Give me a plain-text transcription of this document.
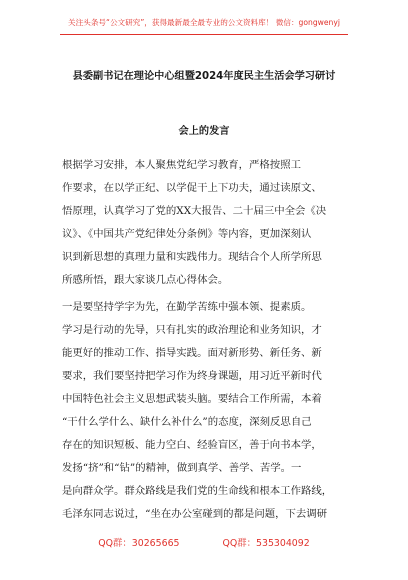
关注头条号“公文研究”，获得最新最全最专业的公文资料库！ 微信：gongwenyj
县委副书记在理论中心组暨2024年度民主生活会学习研讨
会上的发言
根据学习安排，本人聚焦党纪学习教育，严格按照工
作要求，在以学正纪、以学促干上下功夫，通过读原文、
悟原理，认真学习了党的XX大报告、二十届三中全会《决
议》、《中国共产党纪律处分条例》等内容，更加深刻认
识到新思想的真理力量和实践伟力。现结合个人所学所思
所感所悟，跟大家谈几点心得体会。
一是要坚持学字为先，在勤学苦练中强本领、提素质。
学习是行动的先导，只有扎实的政治理论和业务知识，才
能更好的推动工作、指导实践。面对新形势、新任务、新
要求，我们要坚持把学习作为终身课题，用习近平新时代
中国特色社会主义思想武装头脑。要结合工作所需，本着
“干什么学什么、缺什么补什么”的态度，深刻反思自己
存在的知识短板、能力空白、经验盲区，善于向书本学，
发扬“挤”和“钻”的精神，做到真学、善学、苦学。一
是向群众学。群众路线是我们党的生命线和根本工作路线，
毛泽东同志说过，“坐在办公室碰到的都是问题，下去调研
QQ群：30265665	QQ群：535304092
